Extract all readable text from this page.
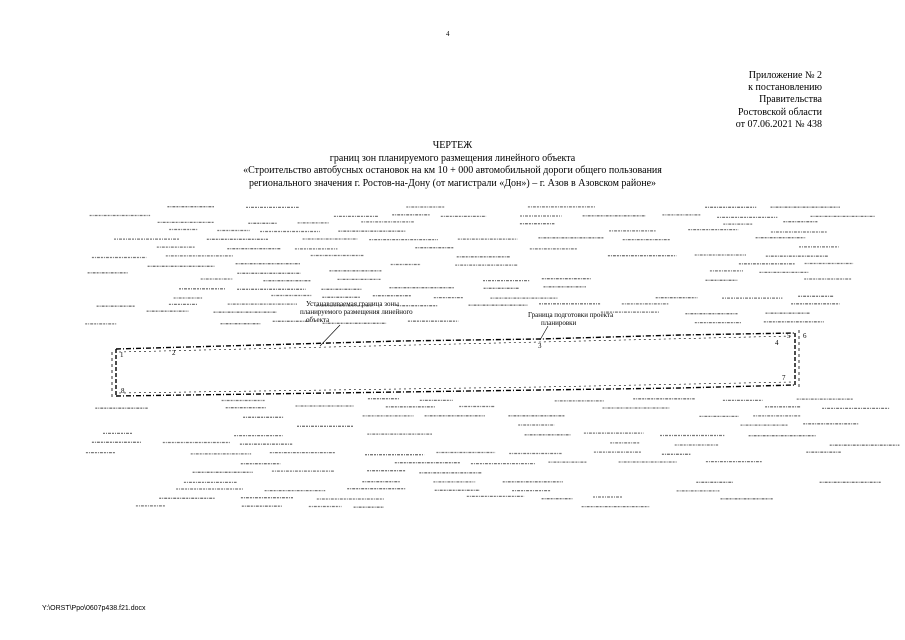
4
Приложение № 2
к постановлению
Правительства
Ростовской области
от 07.06.2021 № 438
ЧЕРТЕЖ
границ зон планируемого размещения линейного объекта
«Строительство автобусных остановок на км 10 + 000 автомобильной дороги общего пользования
регионального значения г. Ростов-на-Дону (от магистрали «Дон») – г. Азов в Азовском районе»
Устанавливаемая граница зоны
планируемого размещения линейного
объекта
Граница подготовки проекта
планировки
1	2
3	4
5 6
7
8
Y:\ORST\Ppo\0607p438.f21.docx
